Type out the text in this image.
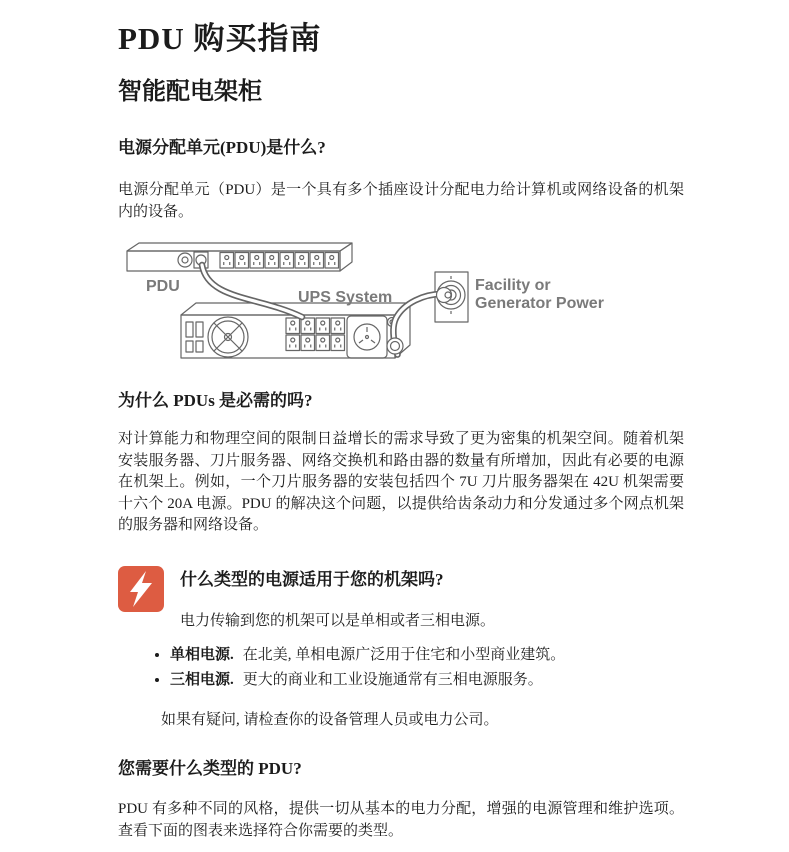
PDU 购买指南
智能配电架柜
电源分配单元(PDU)是什么?
电源分配单元（PDU）是一个具有多个插座设计分配电力给计算机或网络设备的机架内的设备。
PDU
UPS System
Facility or
Generator Power
为什么 PDUs 是必需的吗?
对计算能力和物理空间的限制日益增长的需求导致了更为密集的机架空间。随着机架安装服务器、刀片服务器、网络交换机和路由器的数量有所增加，因此有必要的电源在机架上。例如，一个刀片服务器的安装包括四个 7U 刀片服务器架在 42U 机架需要十六个 20A 电源。PDU 的解决这个问题，以提供给齿条动力和分发通过多个网点机架的服务器和网络设备。
什么类型的电源适用于您的机架吗?
电力传输到您的机架可以是单相或者三相电源。
• 单相电源. 在北美, 单相电源广泛用于住宅和小型商业建筑。
• 三相电源. 更大的商业和工业设施通常有三相电源服务。
如果有疑问, 请检查你的设备管理人员或电力公司。
您需要什么类型的 PDU?
PDU 有多种不同的风格，提供一切从基本的电力分配，增强的电源管理和维护选项。查看下面的图表来选择符合你需要的类型。
